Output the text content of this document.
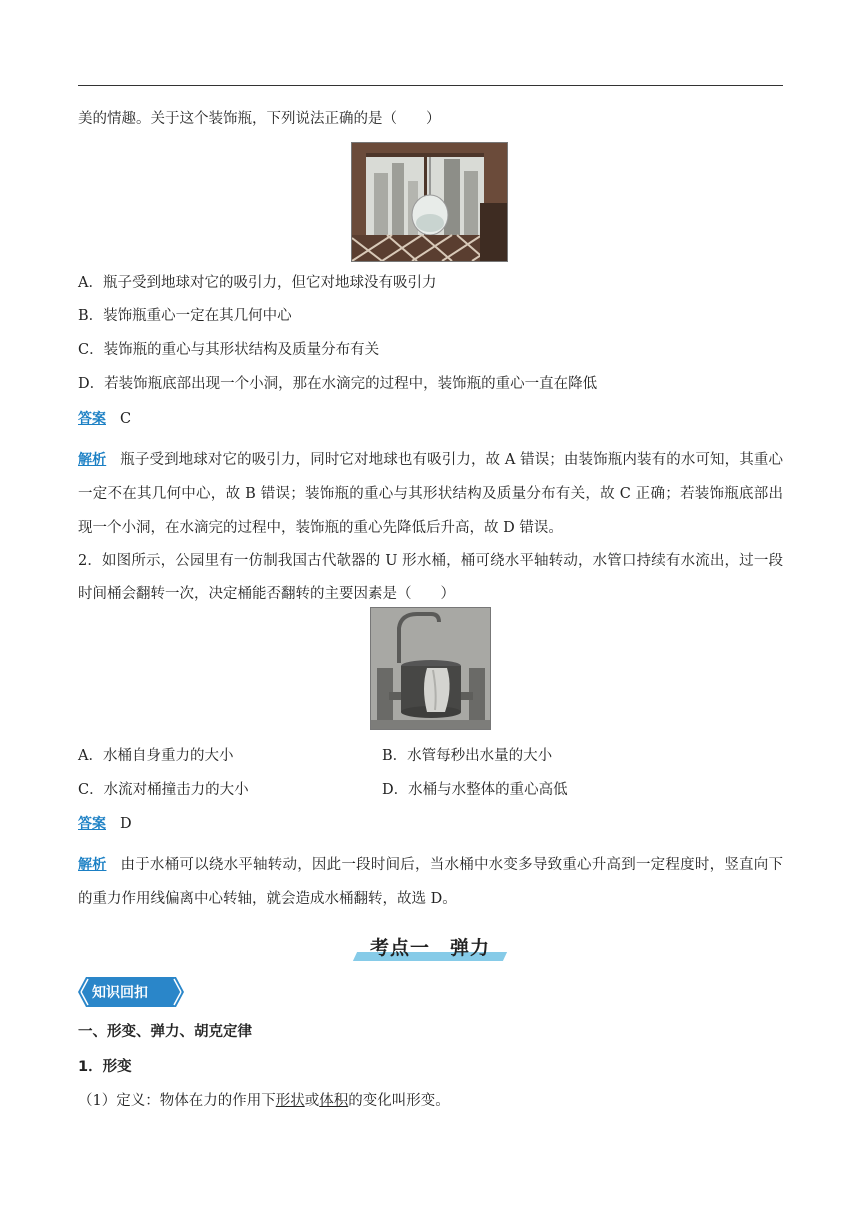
美的情趣。关于这个装饰瓶，下列说法正确的是（　　）
A．瓶子受到地球对它的吸引力，但它对地球没有吸引力
B．装饰瓶重心一定在其几何中心
C．装饰瓶的重心与其形状结构及质量分布有关
D．若装饰瓶底部出现一个小洞，那在水滴完的过程中，装饰瓶的重心一直在降低
答案 C
解析 瓶子受到地球对它的吸引力，同时它对地球也有吸引力，故 A 错误；由装饰瓶内装有的水可知，其重心一定不在其几何中心，故 B 错误；装饰瓶的重心与其形状结构及质量分布有关，故 C 正确；若装饰瓶底部出现一个小洞，在水滴完的过程中，装饰瓶的重心先降低后升高，故 D 错误。
2．如图所示，公园里有一仿制我国古代欹器的 U 形水桶，桶可绕水平轴转动，水管口持续有水流出，过一段时间桶会翻转一次，决定桶能否翻转的主要因素是（　　）
A．水桶自身重力的大小	B．水管每秒出水量的大小
C．水流对桶撞击力的大小	D．水桶与水整体的重心高低
答案 D
解析 由于水桶可以绕水平轴转动，因此一段时间后，当水桶中水变多导致重心升高到一定程度时，竖直向下的重力作用线偏离中心转轴，就会造成水桶翻转，故选 D。
考点一　弹力
知识回扣
一、形变、弹力、胡克定律
1．形变
（1）定义：物体在力的作用下形状或体积的变化叫形变。
